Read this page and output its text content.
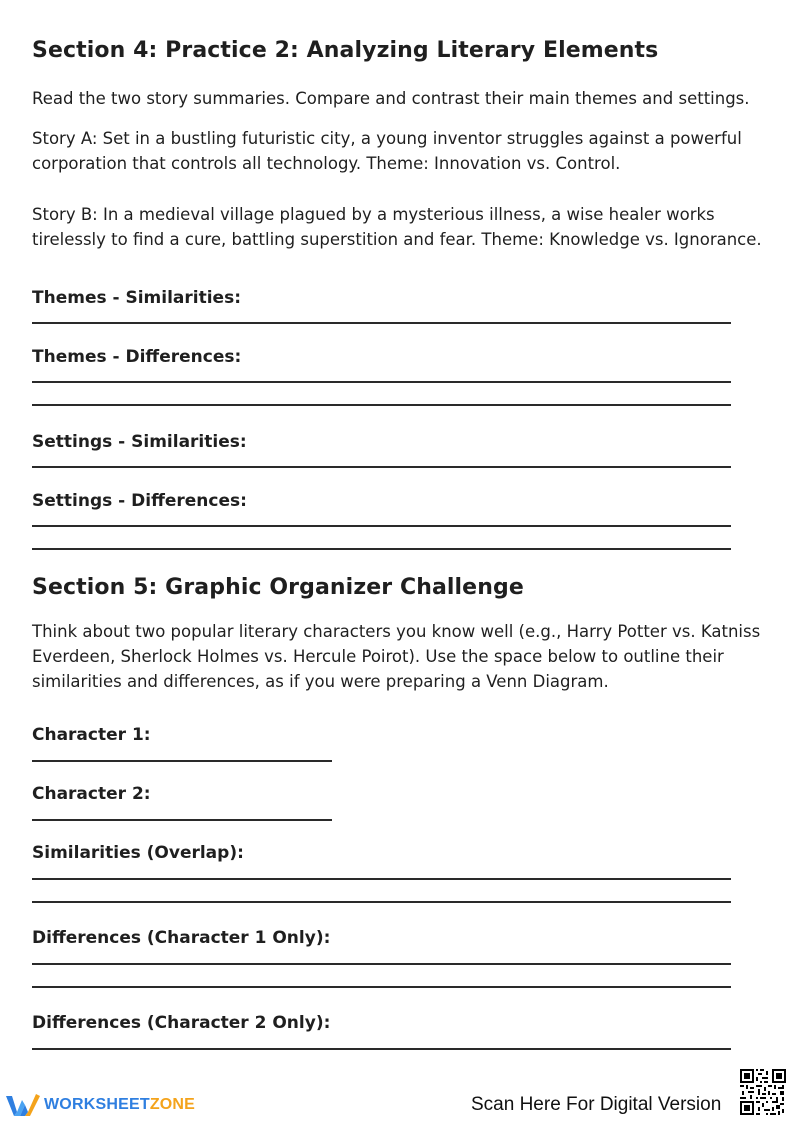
Section 4: Practice 2: Analyzing Literary Elements
Read the two story summaries. Compare and contrast their main themes and settings.
Story A: Set in a bustling futuristic city, a young inventor struggles against a powerful corporation that controls all technology. Theme: Innovation vs. Control.
Story B: In a medieval village plagued by a mysterious illness, a wise healer works tirelessly to find a cure, battling superstition and fear. Theme: Knowledge vs. Ignorance.
Themes - Similarities:
Themes - Differences:
Settings - Similarities:
Settings - Differences:
Section 5: Graphic Organizer Challenge
Think about two popular literary characters you know well (e.g., Harry Potter vs. Katniss Everdeen, Sherlock Holmes vs. Hercule Poirot). Use the space below to outline their similarities and differences, as if you were preparing a Venn Diagram.
Character 1:
Character 2:
Similarities (Overlap):
Differences (Character 1 Only):
Differences (Character 2 Only):
WORKSHEETZONE	Scan Here For Digital Version
